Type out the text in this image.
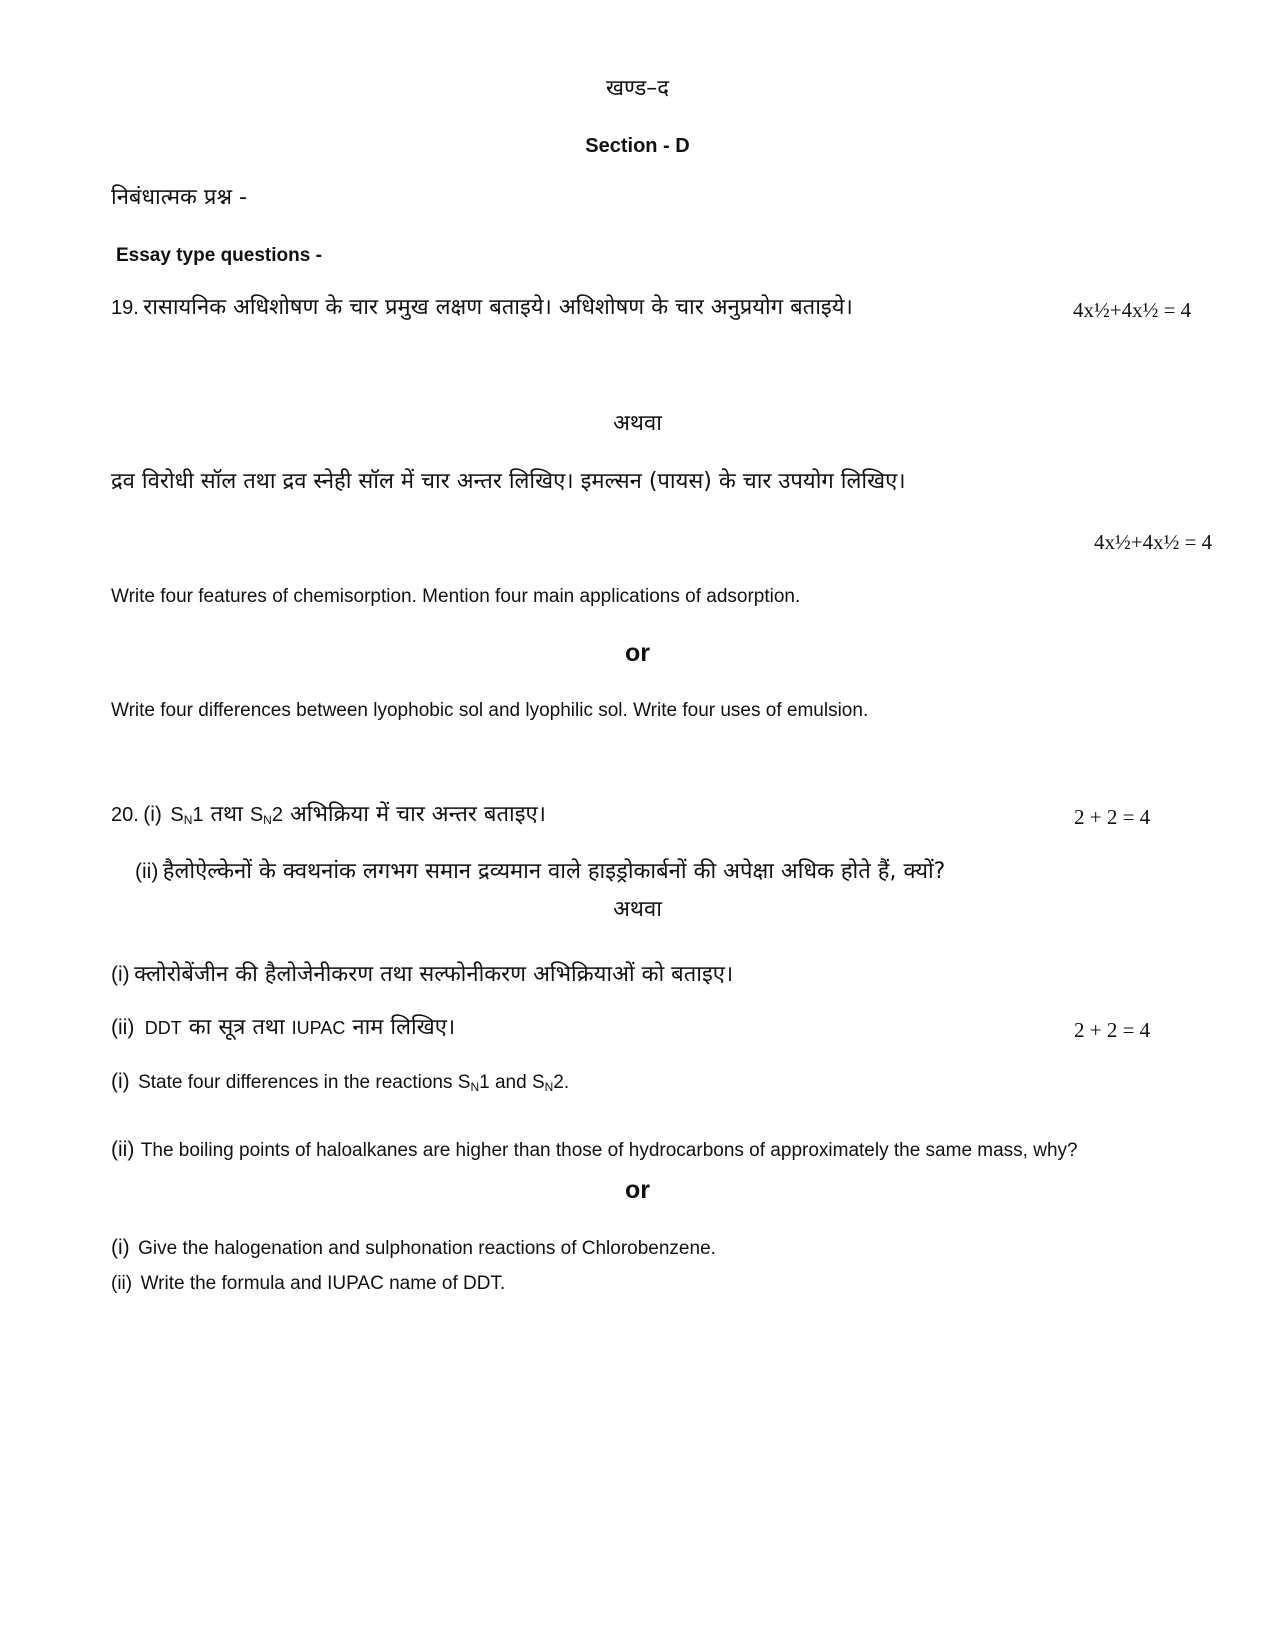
खण्ड–द
Section - D
निबंधात्मक प्रश्न -
Essay type questions -
19. रासायनिक अधिशोषण के चार प्रमुख लक्षण बताइये। अधिशोषण के चार अनुप्रयोग बताइये।	4x½+4x½ = 4
अथवा
द्रव विरोधी सॉल तथा द्रव स्नेही सॉल में चार अन्तर लिखिए। इमल्सन (पायस) के चार उपयोग लिखिए।
4x½+4x½ = 4
Write four features of chemisorption. Mention four main applications of adsorption.
or
Write four differences between lyophobic sol and lyophilic sol. Write four uses of emulsion.
20. (i) $S_N1$ तथा $S_N2$ अभिक्रिया में चार अन्तर बताइए।	2 + 2 = 4
(ii) हैलोऐल्केनों के क्वथनांक लगभग समान द्रव्यमान वाले हाइड्रोकार्बनों की अपेक्षा अधिक होते हैं, क्यों?
अथवा
(i) क्लोरोबेंजीन की हैलोजेनीकरण तथा सल्फोनीकरण अभिक्रियाओं को बताइए।
(ii) DDT का सूत्र तथा IUPAC नाम लिखिए।	2 + 2 = 4
(i) State four differences in the reactions $S_N1$ and $S_N2$.
(ii) The boiling points of haloalkanes are higher than those of hydrocarbons of approximately the same mass, why?
or
(i) Give the halogenation and sulphonation reactions of Chlorobenzene.
(ii) Write the formula and IUPAC name of DDT.
